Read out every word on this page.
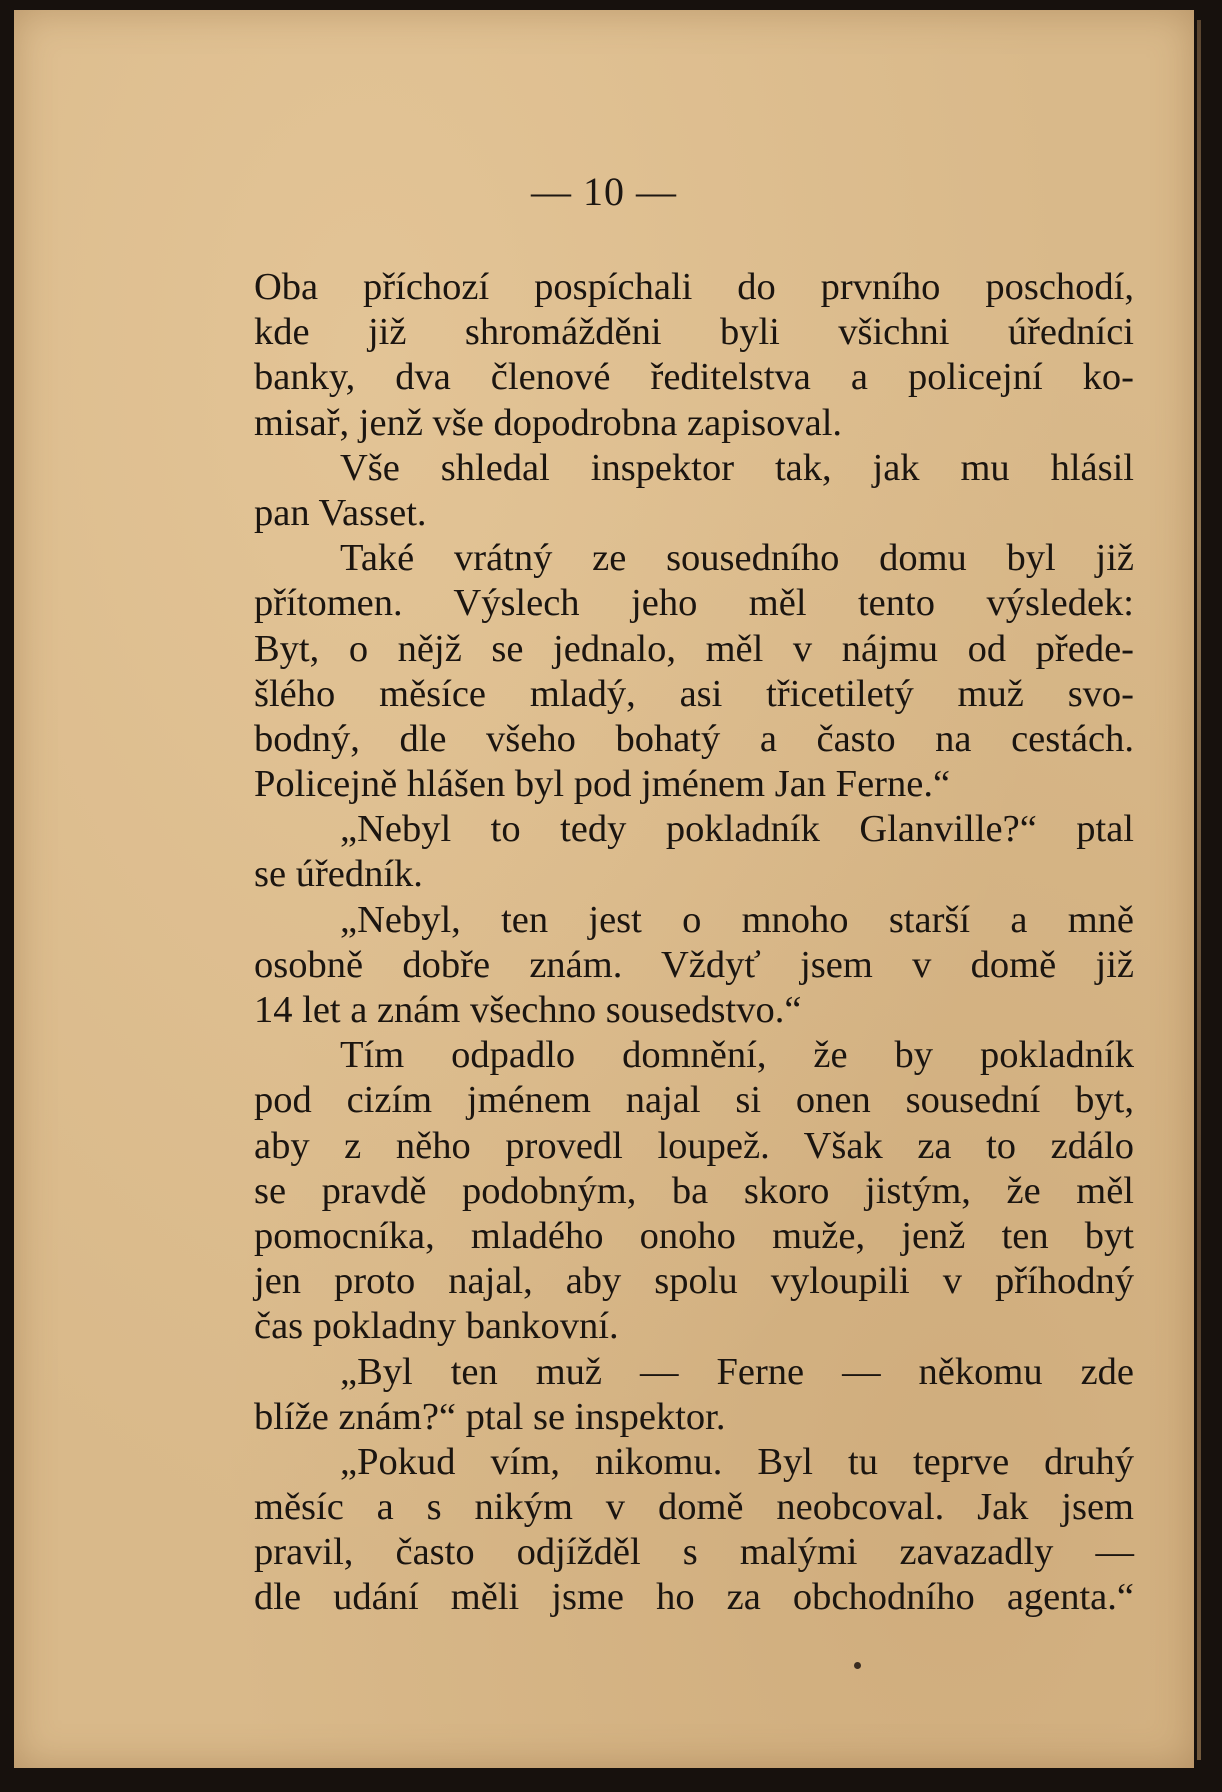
— 10 —
Oba příchozí pospíchali do prvního poschodí,
kde již shromážděni byli všichni úředníci
banky, dva členové ředitelstva a policejní ko-
misař, jenž vše dopodrobna zapisoval.
Vše shledal inspektor tak, jak mu hlásil
pan Vasset.
Také vrátný ze sousedního domu byl již
přítomen. Výslech jeho měl tento výsledek:
Byt, o nějž se jednalo, měl v nájmu od přede-
šlého měsíce mladý, asi třicetiletý muž svo-
bodný, dle všeho bohatý a často na cestách.
Policejně hlášen byl pod jménem Jan Ferne.“
„Nebyl to tedy pokladník Glanville?“ ptal
se úředník.
„Nebyl, ten jest o mnoho starší a mně
osobně dobře znám. Vždyť jsem v domě již
14 let a znám všechno sousedstvo.“
Tím odpadlo domnění, že by pokladník
pod cizím jménem najal si onen sousední byt,
aby z něho provedl loupež. Však za to zdálo
se pravdě podobným, ba skoro jistým, že měl
pomocníka, mladého onoho muže, jenž ten byt
jen proto najal, aby spolu vyloupili v příhodný
čas pokladny bankovní.
„Byl ten muž — Ferne — někomu zde
blíže znám?“ ptal se inspektor.
„Pokud vím, nikomu. Byl tu teprve druhý
měsíc a s nikým v domě neobcoval. Jak jsem
pravil, často odjížděl s malými zavazadly —
dle udání měli jsme ho za obchodního agenta.“
